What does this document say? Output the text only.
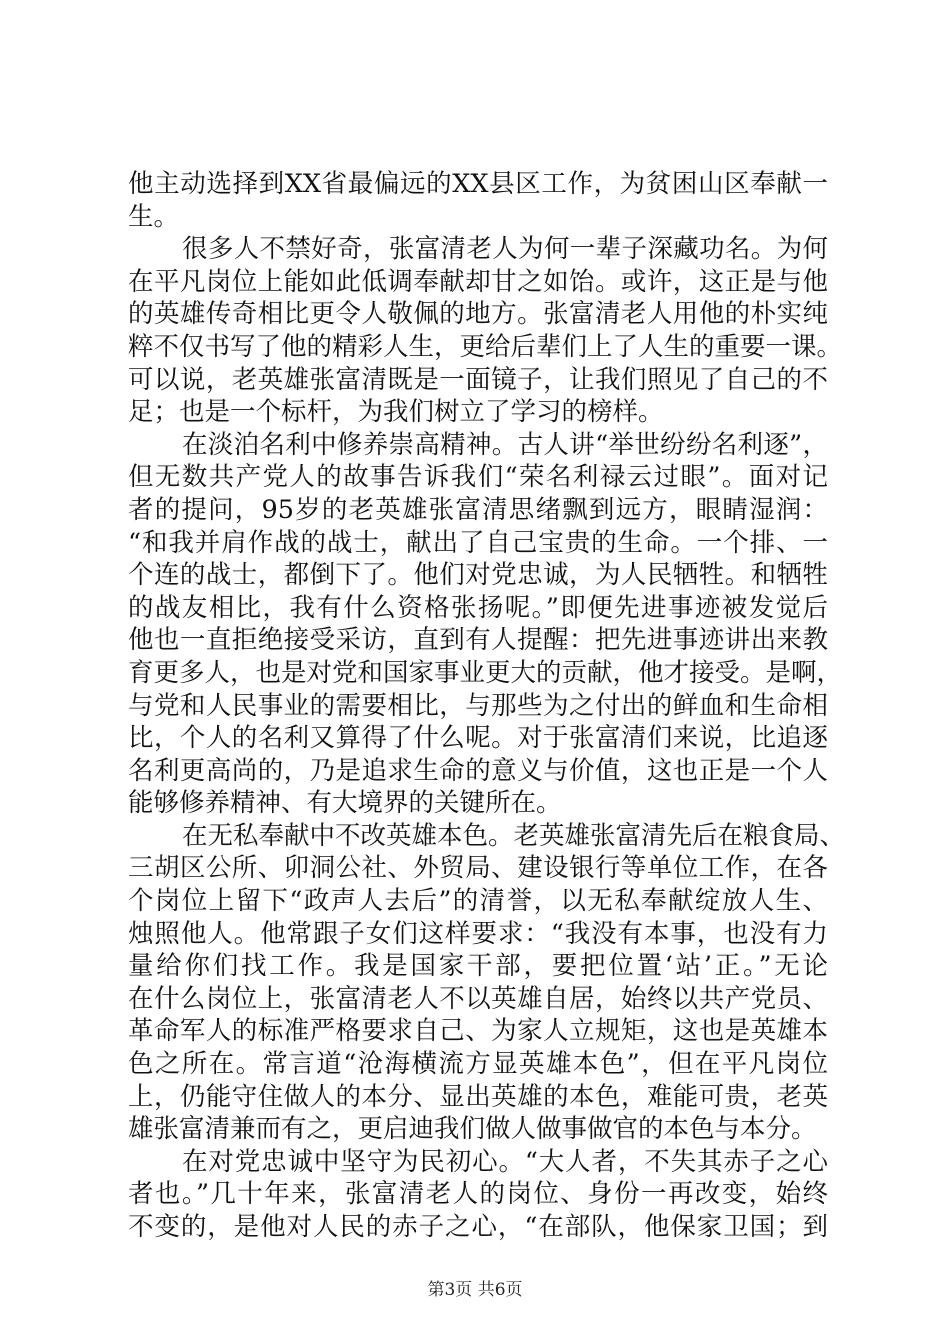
他主动选择到XX省最偏远的XX县区工作，为贫困山区奉献一
生。
很多人不禁好奇，张富清老人为何一辈子深藏功名。为何
在平凡岗位上能如此低调奉献却甘之如饴。或许，这正是与他
的英雄传奇相比更令人敬佩的地方。张富清老人用他的朴实纯
粹不仅书写了他的精彩人生，更给后辈们上了人生的重要一课。
可以说，老英雄张富清既是一面镜子，让我们照见了自己的不
足；也是一个标杆，为我们树立了学习的榜样。
在淡泊名利中修养崇高精神。古人讲“举世纷纷名利逐”，
但无数共产党人的故事告诉我们“荣名利禄云过眼”。面对记
者的提问，95岁的老英雄张富清思绪飘到远方，眼睛湿润：
“和我并肩作战的战士，献出了自己宝贵的生命。一个排、一
个连的战士，都倒下了。他们对党忠诚，为人民牺牲。和牺牲
的战友相比，我有什么资格张扬呢。”即便先进事迹被发觉后
他也一直拒绝接受采访，直到有人提醒：把先进事迹讲出来教
育更多人，也是对党和国家事业更大的贡献，他才接受。是啊，
与党和人民事业的需要相比，与那些为之付出的鲜血和生命相
比，个人的名利又算得了什么呢。对于张富清们来说，比追逐
名利更高尚的，乃是追求生命的意义与价值，这也正是一个人
能够修养精神、有大境界的关键所在。
在无私奉献中不改英雄本色。老英雄张富清先后在粮食局、
三胡区公所、卯洞公社、外贸局、建设银行等单位工作，在各
个岗位上留下“政声人去后”的清誉，以无私奉献绽放人生、
烛照他人。他常跟子女们这样要求：“我没有本事，也没有力
量给你们找工作。我是国家干部，要把位置‘站’正。”无论
在什么岗位上，张富清老人不以英雄自居，始终以共产党员、
革命军人的标准严格要求自己、为家人立规矩，这也是英雄本
色之所在。常言道“沧海横流方显英雄本色”，但在平凡岗位
上，仍能守住做人的本分、显出英雄的本色，难能可贵，老英
雄张富清兼而有之，更启迪我们做人做事做官的本色与本分。
在对党忠诚中坚守为民初心。“大人者，不失其赤子之心
者也。”几十年来，张富清老人的岗位、身份一再改变，始终
不变的，是他对人民的赤子之心，“在部队，他保家卫国；到
第3页 共6页
